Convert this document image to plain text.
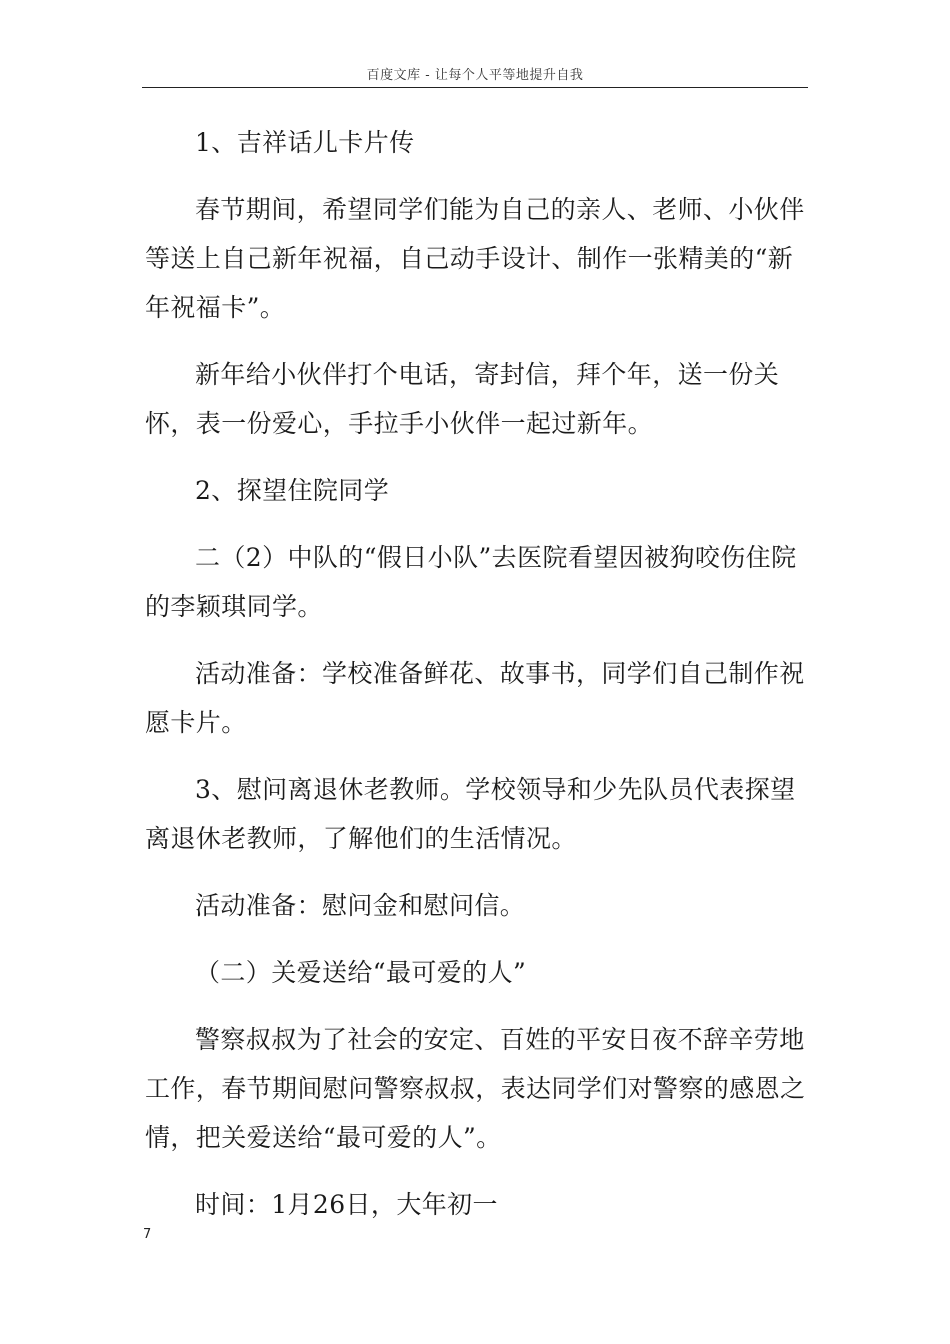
百度文库 - 让每个人平等地提升自我

1、吉祥话儿卡片传

春节期间，希望同学们能为自己的亲人、老师、小伙伴等送上自己新年祝福，自己动手设计、制作一张精美的“新年祝福卡”。

新年给小伙伴打个电话，寄封信，拜个年，送一份关怀，表一份爱心，手拉手小伙伴一起过新年。

2、探望住院同学

二（2）中队的“假日小队”去医院看望因被狗咬伤住院的李颖琪同学。

活动准备：学校准备鲜花、故事书，同学们自己制作祝愿卡片。

3、慰问离退休老教师。学校领导和少先队员代表探望离退休老教师，了解他们的生活情况。

活动准备：慰问金和慰问信。

（二）关爱送给“最可爱的人”

警察叔叔为了社会的安定、百姓的平安日夜不辞辛劳地工作，春节期间慰问警察叔叔，表达同学们对警察的感恩之情，把关爱送给“最可爱的人”。

时间：1月26日，大年初一

7
